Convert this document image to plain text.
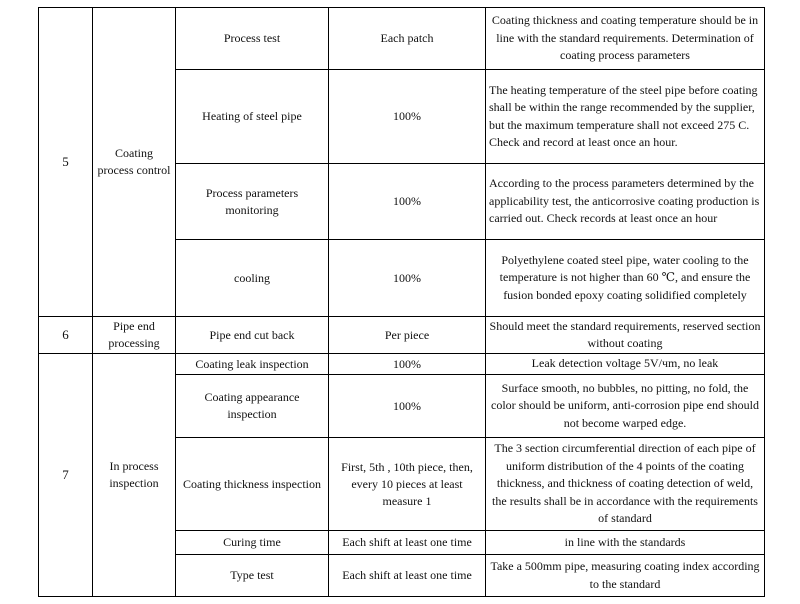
5	Coating process control	Process test	Each patch	Coating thickness and coating temperature should be in line with the standard requirements. Determination of coating process parameters
		Heating of steel pipe	100%	The heating temperature of the steel pipe before coating shall be within the range recommended by the supplier, but the maximum temperature shall not exceed 275 C. Check and record at least once an hour.
		Process parameters monitoring	100%	According to the process parameters determined by the applicability test, the anticorrosive coating production is carried out. Check records at least once an hour
		cooling	100%	Polyethylene coated steel pipe, water cooling to the temperature is not higher than 60 ℃, and ensure the fusion bonded epoxy coating solidified completely
6	Pipe end processing	Pipe end cut back	Per piece	Should meet the standard requirements, reserved section without coating
7	In process inspection	Coating leak inspection	100%	Leak detection voltage 5V/чm, no leak
		Coating appearance inspection	100%	Surface smooth, no bubbles, no pitting, no fold, the color should be uniform, anti-corrosion pipe end should not become warped edge.
		Coating thickness inspection	First, 5th , 10th piece, then, every 10 pieces at least measure 1	The 3 section circumferential direction of each pipe of uniform distribution of the 4 points of the coating thickness, and thickness of coating detection of weld, the results shall be in accordance with the requirements of standard
		Curing time	Each shift at least one time	in line with the standards
		Type test	Each shift at least one time	Take a 500mm pipe, measuring coating index according to the standard
